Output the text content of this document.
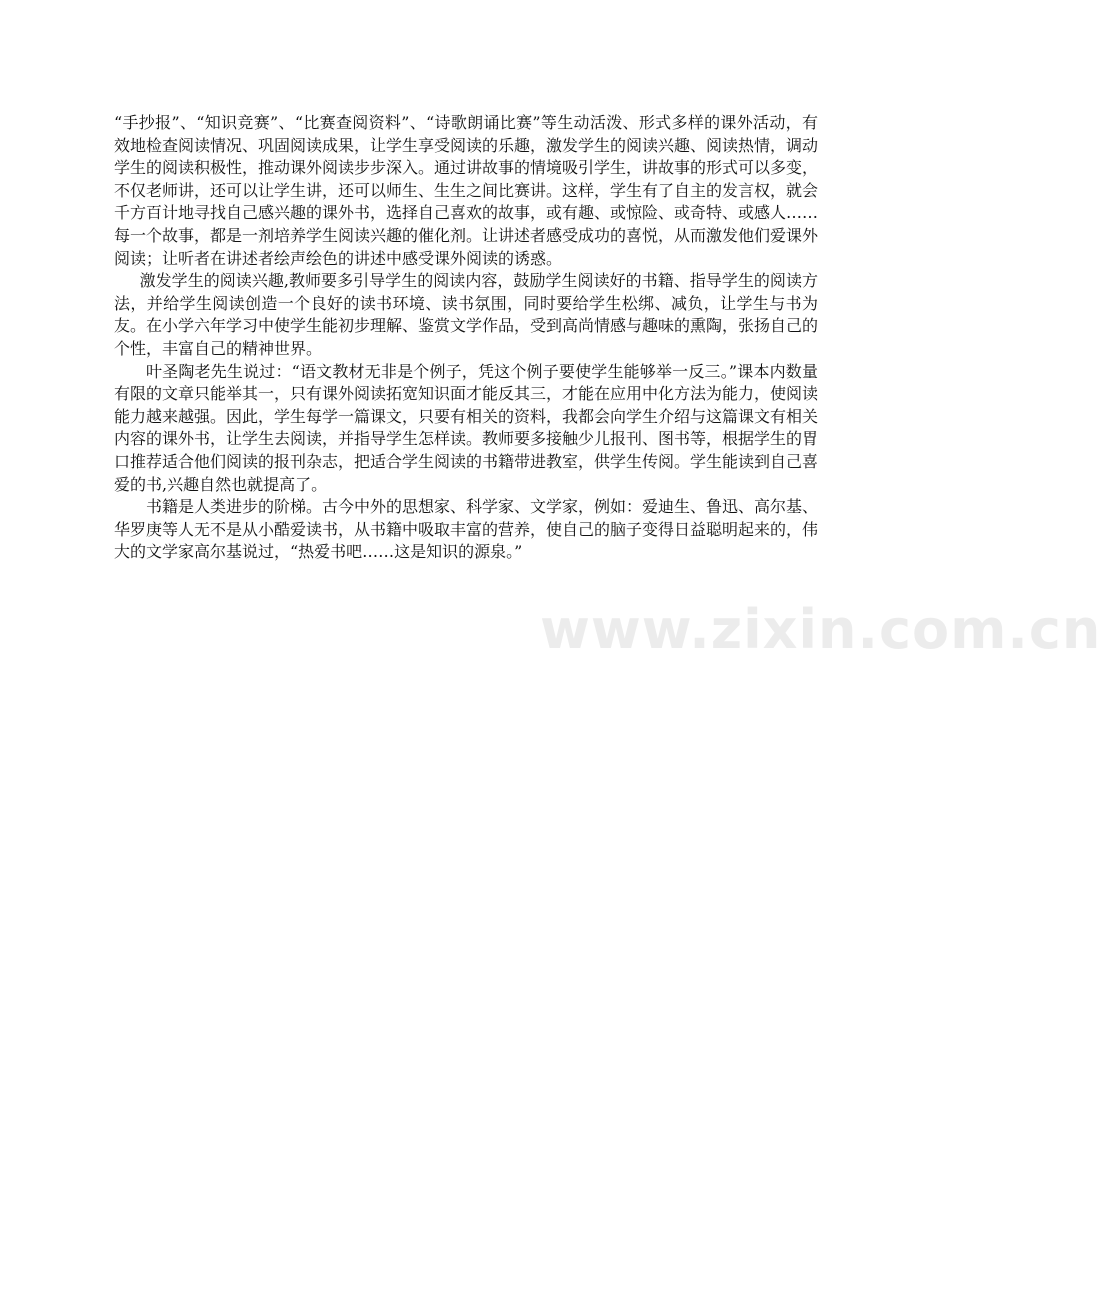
“手抄报”、“知识竞赛”、“比赛查阅资料”、“诗歌朗诵比赛”等生动活泼、形式多样的课外活动，有效地检查阅读情况、巩固阅读成果，让学生享受阅读的乐趣，激发学生的阅读兴趣、阅读热情，调动学生的阅读积极性，推动课外阅读步步深入。通过讲故事的情境吸引学生，讲故事的形式可以多变，不仅老师讲，还可以让学生讲，还可以师生、生生之间比赛讲。这样，学生有了自主的发言权，就会千方百计地寻找自己感兴趣的课外书，选择自己喜欢的故事，或有趣、或惊险、或奇特、或感人……　每一个故事，都是一剂培养学生阅读兴趣的催化剂。让讲述者感受成功的喜悦，从而激发他们爱课外阅读；让听者在讲述者绘声绘色的讲述中感受课外阅读的诱惑。

激发学生的阅读兴趣,教师要多引导学生的阅读内容，鼓励学生阅读好的书籍、指导学生的阅读方法，并给学生阅读创造一个良好的读书环境、读书氛围，同时要给学生松绑、减负，让学生与书为友。在小学六年学习中使学生能初步理解、鉴赏文学作品，受到高尚情感与趣味的熏陶，张扬自己的个性，丰富自己的精神世界。

叶圣陶老先生说过：“语文教材无非是个例子，凭这个例子要使学生能够举一反三。”课本内数量有限的文章只能举其一，只有课外阅读拓宽知识面才能反其三，才能在应用中化方法为能力，使阅读能力越来越强。因此，学生每学一篇课文，只要有相关的资料，我都会向学生介绍与这篇课文有相关内容的课外书，让学生去阅读，并指导学生怎样读。教师要多接触少儿报刊、图书等，根据学生的胃口推荐适合他们阅读的报刊杂志，把适合学生阅读的书籍带进教室，供学生传阅。学生能读到自己喜爱的书,兴趣自然也就提高了。

书籍是人类进步的阶梯。古今中外的思想家、科学家、文学家，例如：爱迪生、鲁迅、高尔基、华罗庚等人无不是从小酷爱读书，从书籍中吸取丰富的营养，使自己的脑子变得日益聪明起来的，伟大的文学家高尔基说过，“热爱书吧……这是知识的源泉。”

www.zixin.com.cn
